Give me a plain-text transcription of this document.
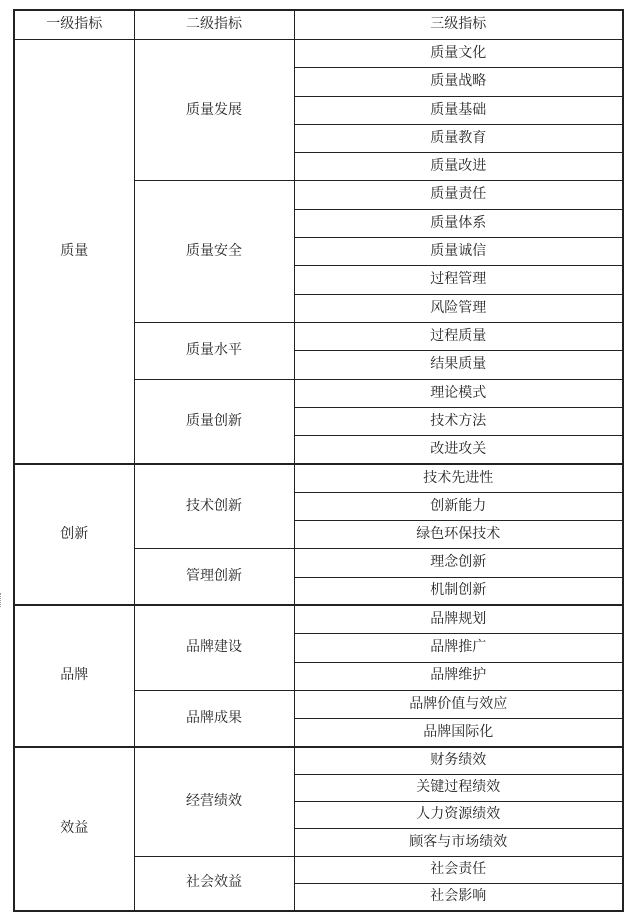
一级指标	二级指标	三级指标
质量	质量发展	质量文化
		质量战略
		质量基础
		质量教育
		质量改进
	质量安全	质量责任
		质量体系
		质量诚信
		过程管理
		风险管理
	质量水平	过程质量
		结果质量
	质量创新	理论模式
		技术方法
		改进攻关
创新	技术创新	技术先进性
		创新能力
		绿色环保技术
	管理创新	理念创新
		机制创新
品牌	品牌建设	品牌规划
		品牌推广
		品牌维护
	品牌成果	品牌价值与效应
		品牌国际化
效益	经营绩效	财务绩效
		关键过程绩效
		人力资源绩效
		顾客与市场绩效
	社会效益	社会责任
		社会影响
